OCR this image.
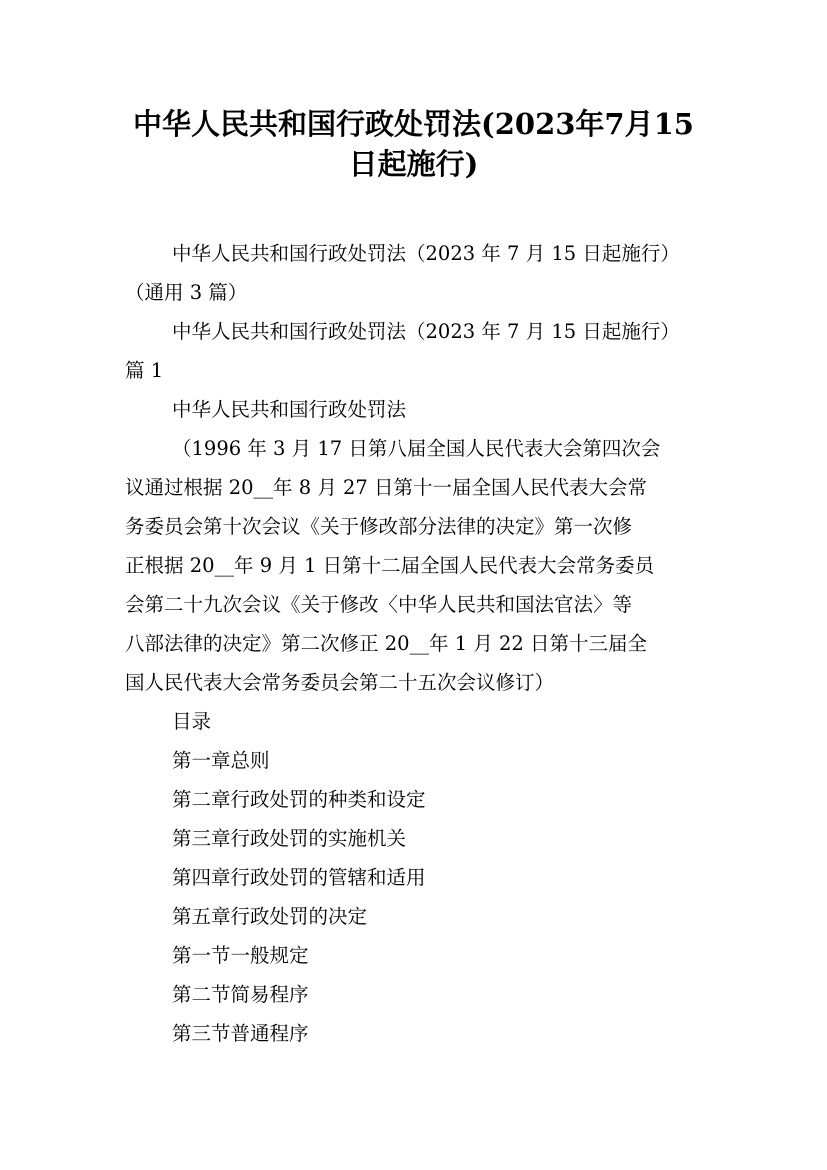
中华人民共和国行政处罚法(2023年7月15
日起施行)
中华人民共和国行政处罚法（2023 年 7 月 15 日起施行）
（通用 3 篇）
中华人民共和国行政处罚法（2023 年 7 月 15 日起施行）
篇 1
中华人民共和国行政处罚法
（1996 年 3 月 17 日第八届全国人民代表大会第四次会
议通过根据 20__年 8 月 27 日第十一届全国人民代表大会常
务委员会第十次会议《关于修改部分法律的决定》第一次修
正根据 20__年 9 月 1 日第十二届全国人民代表大会常务委员
会第二十九次会议《关于修改〈中华人民共和国法官法〉等
八部法律的决定》第二次修正 20__年 1 月 22 日第十三届全
国人民代表大会常务委员会第二十五次会议修订）
目录
第一章总则
第二章行政处罚的种类和设定
第三章行政处罚的实施机关
第四章行政处罚的管辖和适用
第五章行政处罚的决定
第一节一般规定
第二节简易程序
第三节普通程序
